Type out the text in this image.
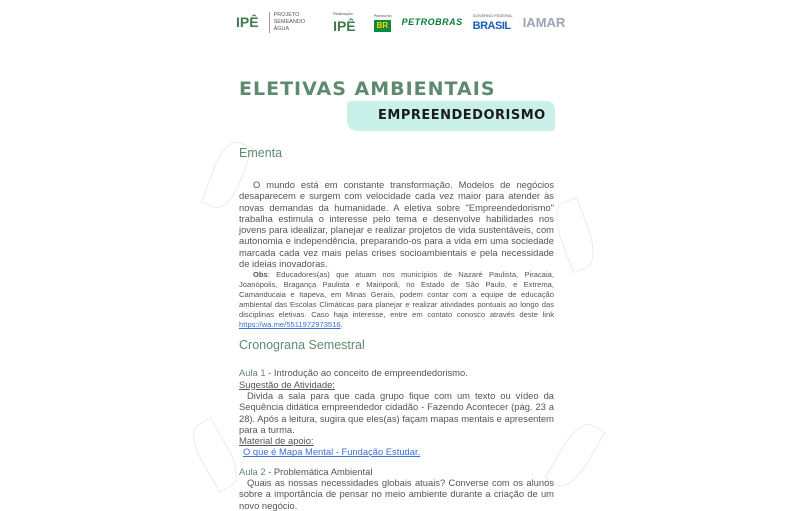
IPÊ	PROJETO
SEMEANDO
ÁGUA
Realização
IPÊ
Patrocínio
BR	PETROBRAS
GOVERNO FEDERAL
BRASIL IAMAR
ELETIVAS AMBIENTAIS
EMPREENDEDORISMO
Ementa
O mundo está em constante transformação. Modelos de negócios desaparecem e surgem com velocidade cada vez maior para atender às novas demandas da humanidade. A eletiva sobre "Empreendedorismo" trabalha estimula o interesse pelo tema e desenvolve habilidades nos jovens para idealizar, planejar e realizar projetos de vida sustentáveis, com autonomia e independência, preparando-os para a vida em uma sociedade marcada cada vez mais pelas crises socioambientais e pela necessidade de ideias inovadoras.
Obs: Educadores(as) que atuam nos municípios de Nazaré Paulista, Piracaia, Joanópolis, Bragança Paulista e Mairiporã, no Estado de São Paulo, e Extrema, Camanducaia e Itapeva, em Minas Gerais, podem contar com a equipe de educação ambiental das Escolas Climáticas para planejar e realizar atividades pontuais ao longo das disciplinas eletivas. Caso haja interesse, entre em contato conosco através deste link https://wa.me/5511972973516.
Cronograna Semestral
Aula 1 - Introdução ao conceito de empreendedorismo.
Sugestão de Atividade:
Divida a sala para que cada grupo fique com um texto ou vídeo da Sequência didática empreendedor cidadão - Fazendo Acontecer (pág. 23 a 28). Após a leitura, sugira que eles(as) façam mapas mentais e apresentem para a turma.
Material de apoio:
O que é Mapa Mental - Fundação Estudar.
Aula 2 - Problemática Ambiental
Quais as nossas necessidades globais atuais? Converse com os alunos sobre a importância de pensar no meio ambiente durante a criação de um novo negócio.
